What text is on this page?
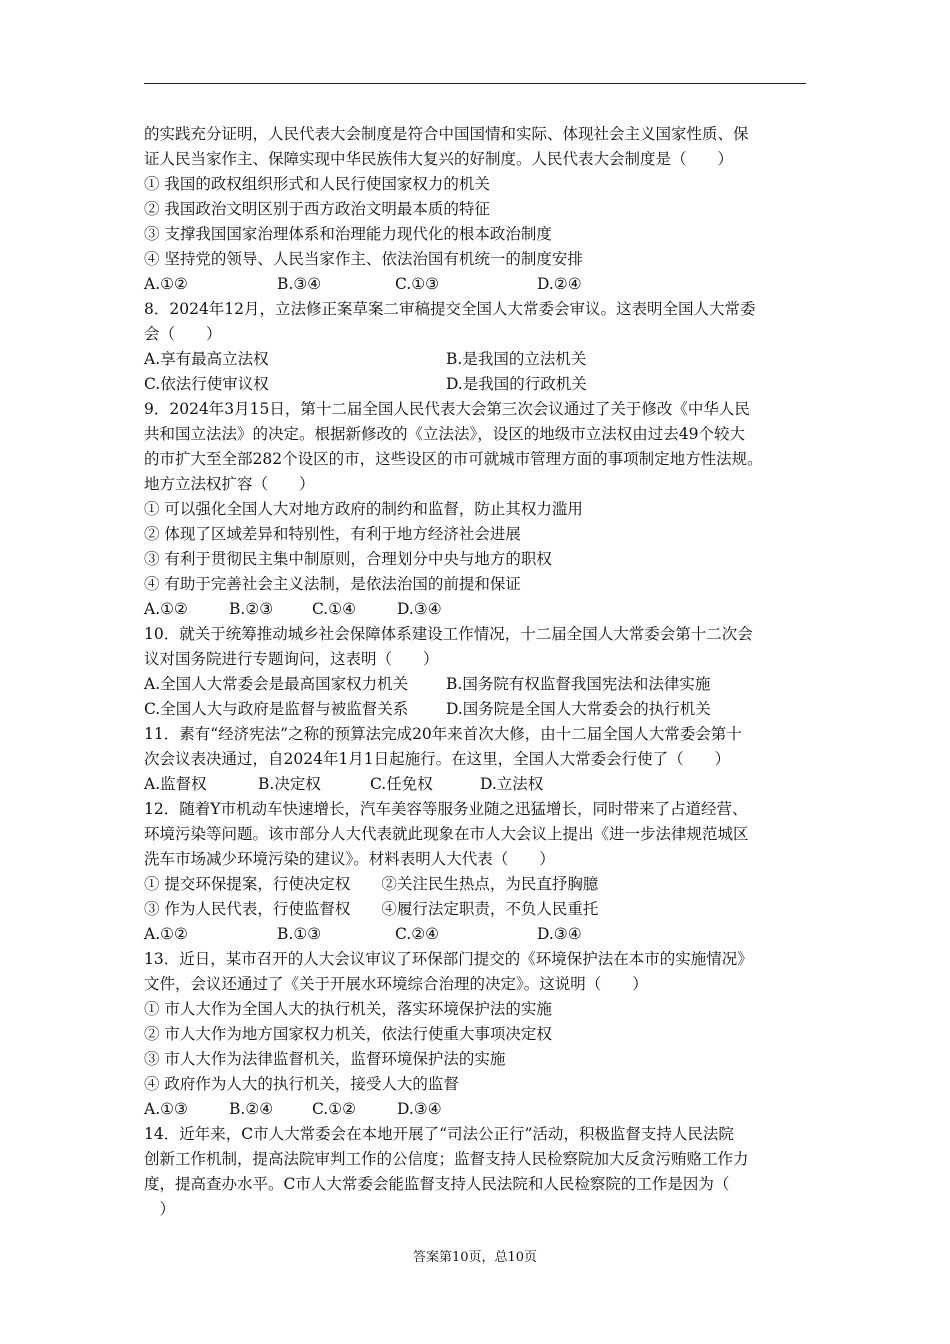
的实践充分证明，人民代表大会制度是符合中国国情和实际、体现社会主义国家性质、保
证人民当家作主、保障实现中华民族伟大复兴的好制度。人民代表大会制度是（　　）
① 我国的政权组织形式和人民行使国家权力的机关
② 我国政治文明区别于西方政治文明最本质的特征
③ 支撑我国国家治理体系和治理能力现代化的根本政治制度
④ 坚持党的领导、人民当家作主、依法治国有机统一的制度安排
A.①②	B.③④	C.①③	D.②④
8．2024年12月，立法修正案草案二审稿提交全国人大常委会审议。这表明全国人大常委
会（　　）
A.享有最高立法权	B.是我国的立法机关
C.依法行使审议权	D.是我国的行政机关
9．2024年3月15日，第十二届全国人民代表大会第三次会议通过了关于修改《中华人民
共和国立法法》的决定。根据新修改的《立法法》，设区的地级市立法权由过去49个较大
的市扩大至全部282个设区的市，这些设区的市可就城市管理方面的事项制定地方性法规。
地方立法权扩容（　　）
① 可以强化全国人大对地方政府的制约和监督，防止其权力滥用
② 体现了区域差异和特别性，有利于地方经济社会进展
③ 有利于贯彻民主集中制原则，合理划分中央与地方的职权
④ 有助于完善社会主义法制，是依法治国的前提和保证
A.①②	B.②③	C.①④	D.③④
10．就关于统筹推动城乡社会保障体系建设工作情况，十二届全国人大常委会第十二次会
议对国务院进行专题询问，这表明（　　）
A.全国人大常委会是最高国家权力机关	B.国务院有权监督我国宪法和法律实施
C.全国人大与政府是监督与被监督关系	D.国务院是全国人大常委会的执行机关
11．素有“经济宪法”之称的预算法完成20年来首次大修，由十二届全国人大常委会第十
次会议表决通过，自2024年1月1日起施行。在这里，全国人大常委会行使了（　　）
A.监督权	B.决定权	C.任免权	D.立法权
12．随着Y市机动车快速增长，汽车美容等服务业随之迅猛增长，同时带来了占道经营、
环境污染等问题。该市部分人大代表就此现象在市人大会议上提出《进一步法律规范城区
洗车市场减少环境污染的建议》。材料表明人大代表（　　）
① 提交环保提案，行使决定权　　②关注民生热点，为民直抒胸臆
③ 作为人民代表，行使监督权　　④履行法定职责，不负人民重托
A.①②	B.①③	C.②④	D.③④
13．近日，某市召开的人大会议审议了环保部门提交的《环境保护法在本市的实施情况》
文件，会议还通过了《关于开展水环境综合治理的决定》。这说明（　　）
① 市人大作为全国人大的执行机关，落实环境保护法的实施
② 市人大作为地方国家权力机关，依法行使重大事项决定权
③ 市人大作为法律监督机关，监督环境保护法的实施
④ 政府作为人大的执行机关，接受人大的监督
A.①③	B.②④	C.①②	D.③④
14．近年来，C市人大常委会在本地开展了“司法公正行”活动，积极监督支持人民法院
创新工作机制，提高法院审判工作的公信度；监督支持人民检察院加大反贪污贿赂工作力
度，提高查办水平。C市人大常委会能监督支持人民法院和人民检察院的工作是因为（
　）
答案第10页，总10页
